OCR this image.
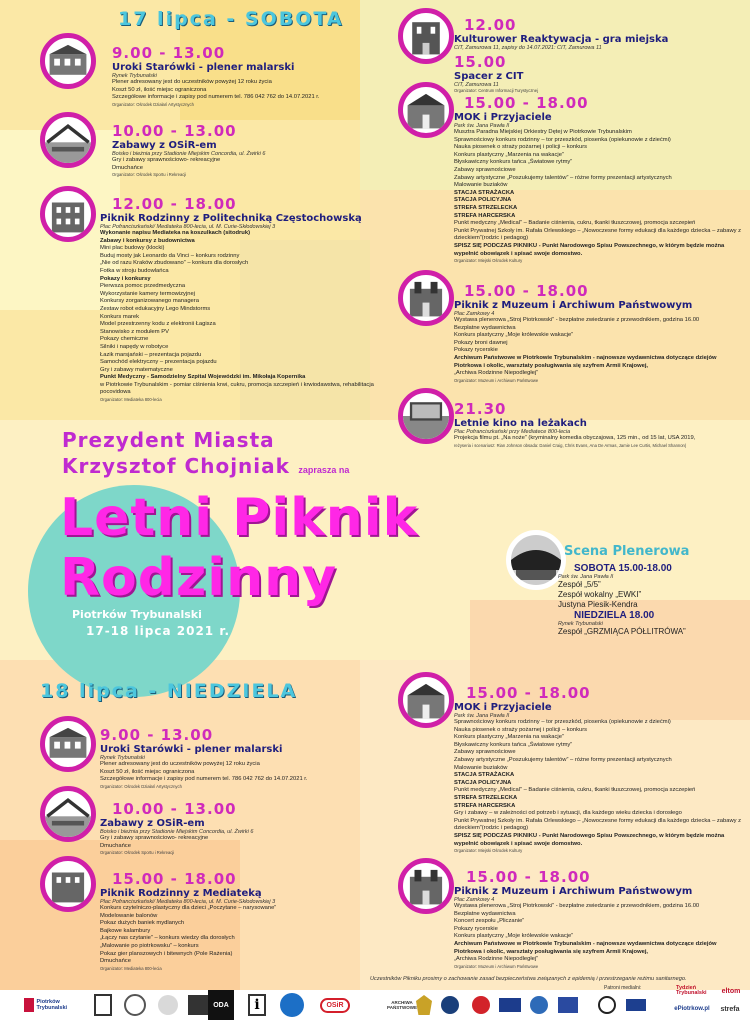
17 lipca - SOBOTA
9.00 - 13.00
Uroki Starówki - plener malarski
Rynek Trybunalski
Plener adresowany jest do uczestników powyżej 12 roku życia
Koszt 50 zł, ilość miejsc ograniczona
Szczegółowe informacje i zapisy pod numerem tel. 786 042 762 do 14.07.2021 r.
Organizator: Ośrodek Działań Artystycznych
10.00 - 13.00
Zabawy z OSiR-em
Boisko i bieżnia przy Stadionie Miejskim Concordia, ul. Żwirki 6
Gry i zabawy sprawnościowo- rekreacyjne
Dmuchańce
Organizator: Ośrodek Sportu i Rekreacji
12.00 - 18.00
Piknik Rodzinny z Politechniką Częstochowską
Plac Pofranciszkański/ Mediateka 800-lecia, ul. M. Curie-Skłodowskiej 3
Wykonanie napisu Mediateka na koszulkach (sitodruk)
Zabawy i konkursy z budownictwa
Mini plac budowy (klocki)
Buduj mosty jak Leonardo da Vinci – konkurs rodzinny
„Nie od razu Kraków zbudowano” – konkurs dla dorosłych
Fotka w stroju budowlańca
Pokazy i konkursy
Pierwsza pomoc przedmedyczna
Wykorzystanie kamery termowizyjnej
Konkursy zorganizowanego managera
Zestaw robot edukacyjny Lego Mindstorms
Konkurs marek
Model przestrzenny kodu z elektronii Łagisza
Stanowisko z modułem PV
Pokazy chemiczne
Silniki i napędy w robotyce
Łazik marsjański – prezentacja pojazdu
Samochód elektryczny – prezentacja pojazdu
Gry i zabawy matematyczne
Punkt Medyczny - Samodzielny Szpital Wojewódzki im. Mikołaja Kopernika
w Piotrkowie Trybunalskim - pomiar ciśnienia krwi, cukru, promocja szczepień i krwiodawstwa, rehabilitacja pocovidowa
Organizator: Mediateka 800-lecia
12.00
Kulturower Reaktywacja - gra miejska
CIT, Zamurowa 11, zapisy do 14.07.2021: CIT, Zamurowa 11
15.00
Spacer z CIT
CIT, Zamurowa 11
Organizator: Centrum Informacji Turystycznej
15.00 - 18.00
MOK i Przyjaciele
Park św. Jana Pawła II
Musztra Paradna Miejskiej Orkiestry Dętej w Piotrkowie Trybunalskim
Sprawnościowy konkurs rodzinny – tor przeszkód, piosenka (opiekunowie z dziećmi)
Nauka piosenek o straży pożarnej i policji – konkurs
Konkurs plastyczny „Marzenia na wakacje”
Błyskawiczny konkurs tańca „Światowe rytmy”
Zabawy sprawnościowe
Zabawy artystyczne „Poszukujemy talentów” – różne formy prezentacji artystycznych
Malowanie buziaków
STACJA STRAŻACKA
STACJA POLICYJNA
STREFA STRZELECKA
STREFA HARCERSKA
Punkt medyczny „Medical” – Badanie ciśnienia, cukru, tkanki tłuszczowej, promocja szczepień
Punkt Prywatnej Szkoły im. Rafała Orlewskiego – „Nowoczesne formy edukacji dla każdego dziecka – zabawy z dzieckiem”(rodzic i pedagog)
SPISZ SIĘ PODCZAS PIKNIKU - Punkt Narodowego Spisu Powszechnego, w którym będzie można wypełnić obowiązek i spisać swoje domostwo.
Organizator: Miejski Ośrodek Kultury
15.00 - 18.00
Piknik z Muzeum i Archiwum Państwowym
Plac Zamkowy 4
Wystawa plenerowa „Stroj Piotrkowski” - bezpłatne zwiedzanie z przewodnikiem, godzina 16.00
Bezpłatne wydawnictwa
Konkurs plastyczny „Moje królewskie wakacje”
Pokazy broni dawnej
Pokazy rycerskie
Archiwum Państwowe w Piotrkowie Trybunalskim - najnowsze wydawnictwa dotyczące dziejów Piotrkowa i okolic, warsztaty posługiwania się szyfrem Armii Krajowej,
„Archiwa Rodzinne Niepodległej”
Organizator: Muzeum i Archiwum Państwowe
21.30
Letnie kino na leżakach
Plac Pofranciszkański przy Mediatece 800-lecia
Projekcja filmu pt. „Na noże” (kryminalny komedia obyczajowa, 125 min., od 15 lat, USA 2019,
reżyseria i scenariusz: Rian Johnson obsada: Daniel Craig, Chris Evans, Ana De Armas, Jamie Lee Curtis, Michael Shannon)
Prezydent Miasta
Krzysztof Chojniak zaprasza na
Letni Piknik
Rodzinny
Piotrków Trybunalski
17-18 lipca 2021 r.
Scena Plenerowa
SOBOTA 15.00-18.00
Park św. Jana Pawła II
Zespół „5/5”
Zespół wokalny „EWKI”
Justyna Piesik-Kendra
NIEDZIELA 18.00
Rynek Trybunalski
Zespół „GRZMIĄCA PÓŁLITRÓWA”
18 lipca - NIEDZIELA
9.00 - 13.00
Uroki Starówki - plener malarski
Rynek Trybunalski
Plener adresowany jest do uczestników powyżej 12 roku życia
Koszt 50 zł, ilość miejsc ograniczona
Szczegółowe informacje i zapisy pod numerem tel. 786 042 762 do 14.07.2021 r.
Organizator: Ośrodek Działań Artystycznych
10.00 - 13.00
Zabawy z OSiR-em
Boisko i bieżnia przy Stadionie Miejskim Concordia, ul. Żwirki 6
Gry i zabawy sprawnościowo- rekreacyjne
Dmuchańce
Organizator: Ośrodek Sportu i Rekreacji
15.00 - 18.00
Piknik Rodzinny z Mediateką
Plac Pofranciszkański/ Mediateka 800-lecia, ul. M. Curie-Skłodowskiej 3
Konkurs czytelniczo-plastyczny dla dzieci „Poczytane – narysowane”
Modelowanie balonów
Pokaz dużych baniek mydlanych
Bajkowe kalambury
„Łączy nas czytanie” – konkurs wiedzy dla dorosłych
„Malowanie po piotrkowsku” – konkurs
Pokaz gier planszowych i bitewnych (Pole Rażenia)
Dmuchańce
Organizator: Mediateka 800-lecia
15.00 - 18.00
MOK i Przyjaciele
Park św. Jana Pawła II
Sprawnościowy konkurs rodzinny – tor przeszkód, piosenka (opiekunowie z dziećmi)
Nauka piosenek o straży pożarnej i policji – konkurs
Konkurs plastyczny „Marzenia na wakacje”
Błyskawiczny konkurs tańca „Światowe rytmy”
Zabawy sprawnościowe
Zabawy artystyczne „Poszukujemy talentów” – różne formy prezentacji artystycznych
Malowanie buziaków
STACJA STRAŻACKA
STACJA POLICYJNA
Punkt medyczny „Medical” – Badanie ciśnienia, cukru, tkanki tłuszczowej, promocja szczepień
STREFA STRZELECKA
STREFA HARCERSKA
Gry i zabawy – w zależności od potrzeb i sytuacji, dla każdego wieku dziecka i dorosłego
Punkt Prywatnej Szkoły im. Rafała Orlewskiego – „Nowoczesne formy edukacji dla każdego dziecka – zabawy z dzieckiem”(rodzic i pedagog)
SPISZ SIĘ PODCZAS PIKNIKU - Punkt Narodowego Spisu Powszechnego, w którym będzie można wypełnić obowiązek i spisać swoje domostwo.
Organizator: Miejski Ośrodek Kultury
15.00 - 18.00
Piknik z Muzeum i Archiwum Państwowym
Plac Zamkowy 4
Wystawa plenerowa „Stroj Piotrkowski” - bezpłatne zwiedzanie z przewodnikiem, godzina 16.00
Bezpłatne wydawnictwa
Koncert zespołu „Pliczanie”
Pokazy rycerskie
Konkurs plastyczny „Moje królewskie wakacje”
Archiwum Państwowe w Piotrkowie Trybunalskim - najnowsze wydawnictwa dotyczące dziejów Piotrkowa i okolic, warsztaty posługiwania się szyfrem Armii Krajowej,
„Archiwa Rodzinne Niepodległej”
Organizator: Muzeum i Archiwum Państwowe
Uczestników Pikniku prosimy o zachowanie zasad bezpieczeństwa związanych z epidemią i przestrzeganie reżimu sanitarnego.
Patroni medialni:
Piotrków Trybunalski	ODA	i	OSiR	ARCHIWA PAŃSTWOWE
Tydzień Trybunalski	eltom
ePiotrkow.pl strefa
